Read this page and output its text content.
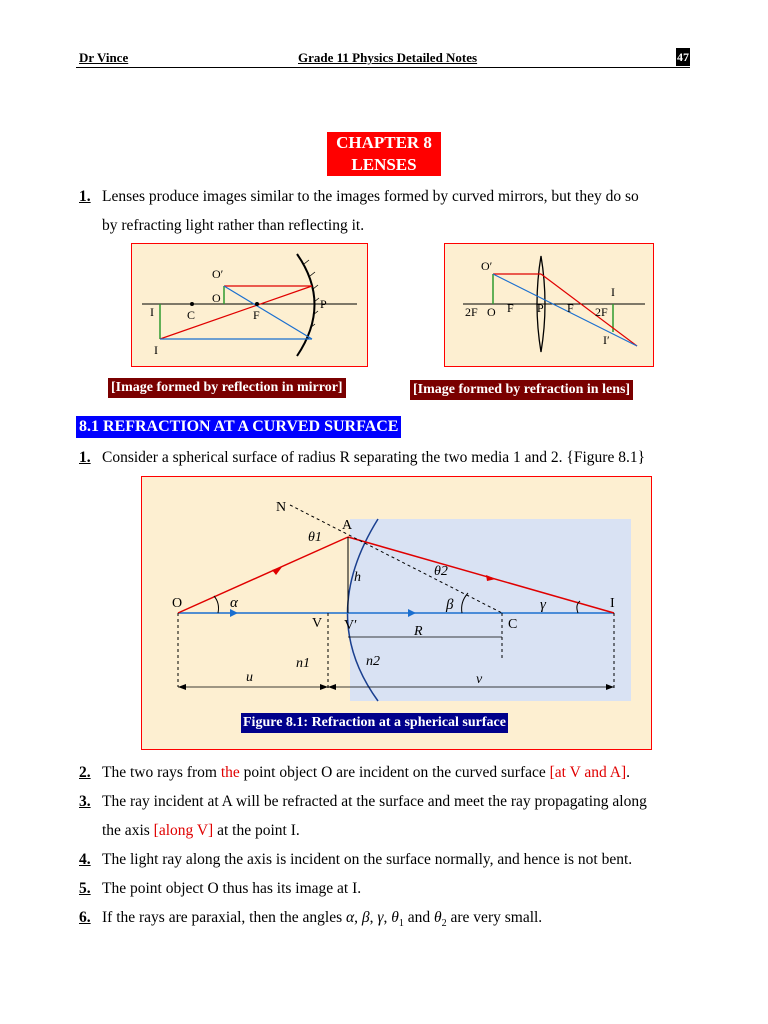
Dr Vince	Grade 11 Physics Detailed Notes	47
CHAPTER 8
LENSES
1. Lenses produce images similar to the images formed by curved mirrors, but they do so
by refracting light rather than reflecting it.
O′
O
C	F
P
I
I
O′
2F O F P F 2F
I
I′
[Image formed by reflection in mirror]	[Image formed by refraction in lens]
8.1 REFRACTION AT A CURVED SURFACE
1. Consider a spherical surface of radius R separating the two media 1 and 2. {Figure 8.1}
N
A
θ1
θ2
h
O	α	β	γ	I
V V′	R	C
n1	n2
u	v
Figure 8.1: Refraction at a spherical surface
2. The two rays from the point object O are incident on the curved surface [at V and A].
3. The ray incident at A will be refracted at the surface and meet the ray propagating along
the axis [along V] at the point I.
4. The light ray along the axis is incident on the surface normally, and hence is not bent.
5. The point object O thus has its image at I.
6. If the rays are paraxial, then the angles α, β, γ, $\theta_1$ and $\theta_2$ are very small.
